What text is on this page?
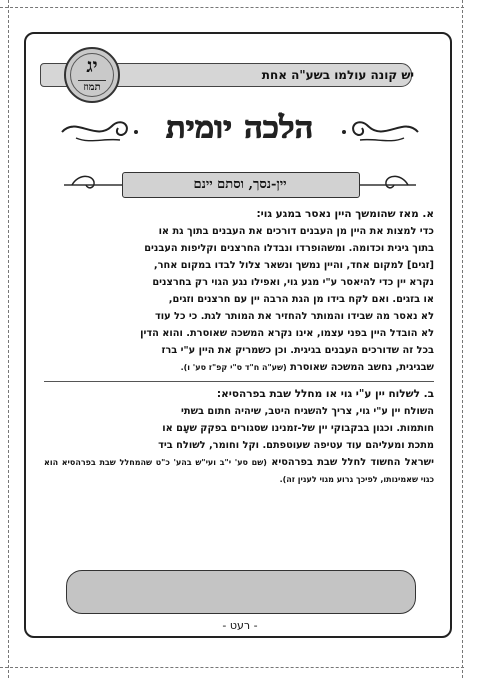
יש קונה עולמו בשע"ה אחת
יג
תמוז
הלכה יומית
יין-נסך, וסתם יינם
א. מאז שהומשך היין נאסר במגע גוי:

כדי למצות את היין מן העבנים דורכים את העבנים בתוך גת או

בתוך גיגית וכדומה. ומשהופרדו ונבדלו החרצנים וקליפות העבנים

[זגים] למקום אחד, והיין נמשך ונשאר צלול לבדו במקום אחר,

נקרא יין כדי להיאסר ע"י מגע גוי, ואפילו נגע הגוי רק בחרצנים

או בזגים. ואם לקח בידו מן הגת הרבה יין עם חרצנים וזגים,

לא נאסר מה שבידו והמותר להחזיר את המותר לגת. כי כל עוד

לא הובדל היין בפני עצמו, אינו נקרא המשכה שאוסרת. והוא הדין

בכל זה שדורכים העבנים בגיגית. וכן כשמריק את היין ע"י ברז

שבגיגית, נחשב המשכה שאוסרת (שע"ה ח"ד ס"י קפ"ז סע' ו).

ב. לשלוח יין ע"י גוי או מחלל שבת בפרהסיא:

השולח יין ע"י גוי, צריך להשגיח היטב, שיהיה חתום בשתי

חותמות. וכגון בבקבוקי יין של-זמנינו שסגורים בפקק שעָם או

מתכת ומעליהם עוד עטיפה שעוטפתם. וקל וחומר, לשולח ביד

ישראל החשוד לחלל שבת בפרהסיא (שם סע' י"ב ועי"ש בהע' כ"ט שהמחלל שבת בפרהסיא הוא כגוי שאמינותו, לפיכך גרוע מגוי לענין זה).

- רעט -
